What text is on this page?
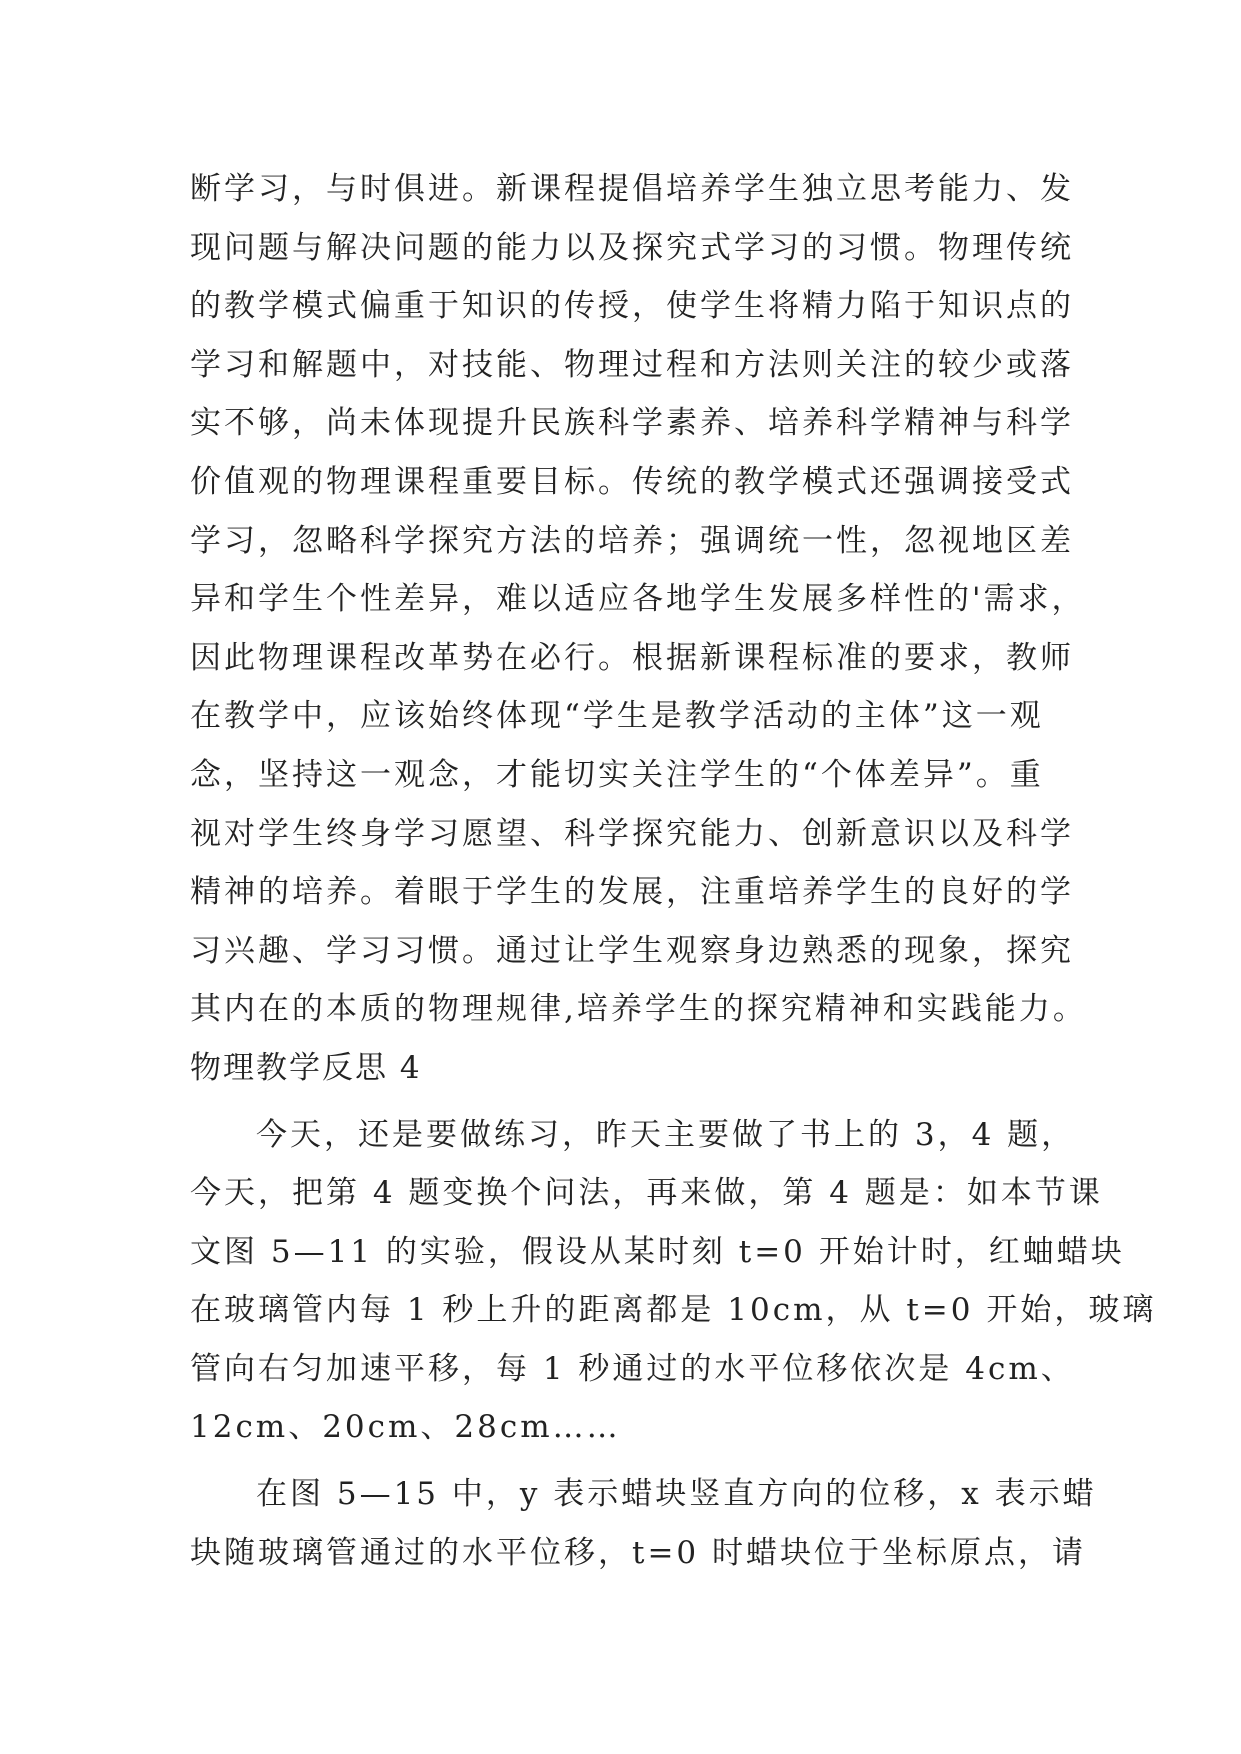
断学习，与时俱进。新课程提倡培养学生独立思考能力、发
现问题与解决问题的能力以及探究式学习的习惯。物理传统
的教学模式偏重于知识的传授，使学生将精力陷于知识点的
学习和解题中，对技能、物理过程和方法则关注的较少或落
实不够，尚未体现提升民族科学素养、培养科学精神与科学
价值观的物理课程重要目标。传统的教学模式还强调接受式
学习，忽略科学探究方法的培养；强调统一性，忽视地区差
异和学生个性差异，难以适应各地学生发展多样性的'需求，
因此物理课程改革势在必行。根据新课程标准的要求，教师
在教学中，应该始终体现“学生是教学活动的主体”这一观
念，坚持这一观念，才能切实关注学生的“个体差异”。重
视对学生终身学习愿望、科学探究能力、创新意识以及科学
精神的培养。着眼于学生的发展，注重培养学生的良好的学
习兴趣、学习习惯。通过让学生观察身边熟悉的现象，探究
其内在的本质的物理规律,培养学生的探究精神和实践能力。
物理教学反思 4
今天，还是要做练习，昨天主要做了书上的 3，4 题，
今天，把第 4 题变换个问法，再来做，第 4 题是：如本节课
文图 5—11 的实验，假设从某时刻 t=0 开始计时，红蚰蜡块
在玻璃管内每 1 秒上升的距离都是 10cm，从 t=0 开始，玻璃
管向右匀加速平移，每 1 秒通过的水平位移依次是 4cm、
12cm、20cm、28cm……
在图 5—15 中，y 表示蜡块竖直方向的位移，x 表示蜡
块随玻璃管通过的水平位移，t=0 时蜡块位于坐标原点，请
